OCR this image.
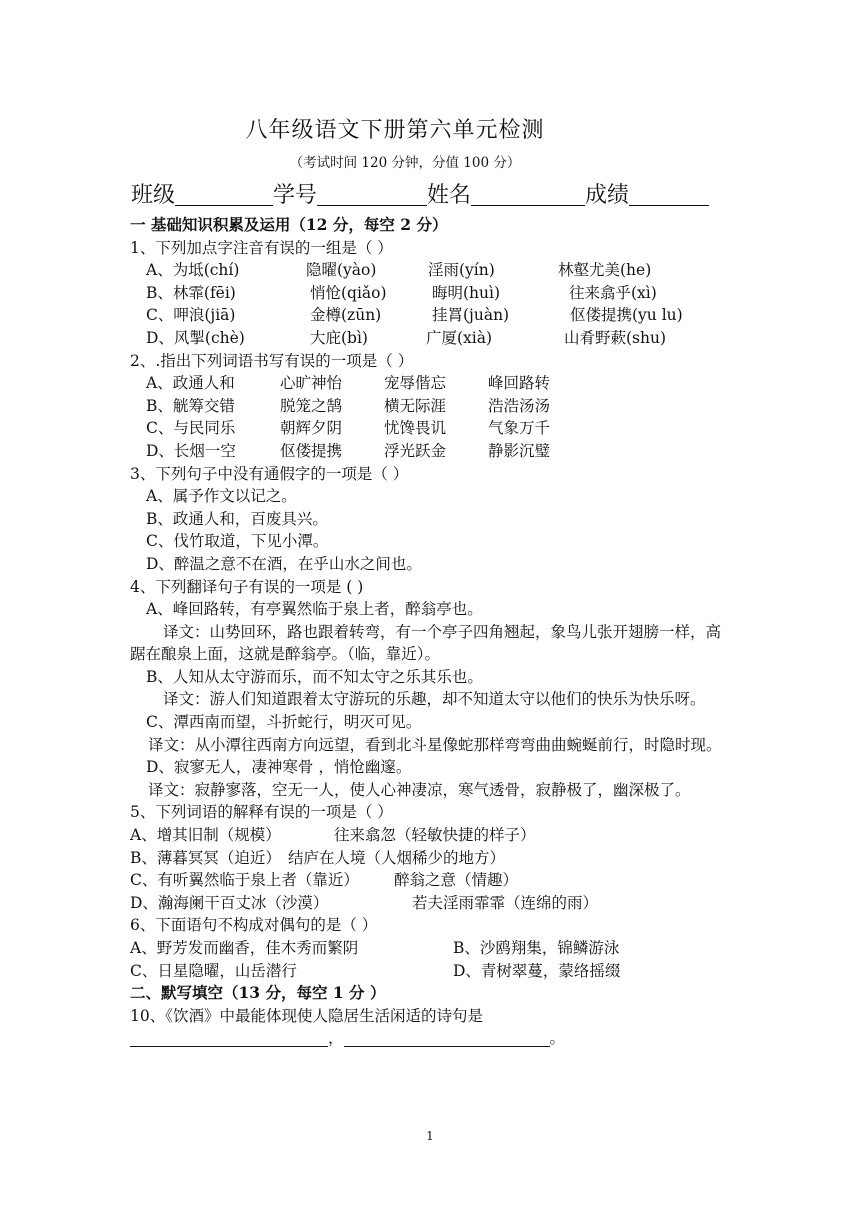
八年级语文下册第六单元检测
（考试时间 120 分钟，分值 100 分）
班级	学号	姓名	成绩
一 基础知识积累及运用（12 分，每空 2 分）
1、下列加点字注音有误的一组是（ ）
A、为坻(chí)	隐曜(yào)	淫雨(yín)	林壑尤美(he)
B、林霏(fēi)	悄怆(qiǎo)	晦明(huì)	往来翕乎(xì)
C、呷浪(jiā)	金樽(zūn)	挂罥(juàn)	伛偻提携(yu lu)
D、风掣(chè)	大庇(bì)	广厦(xià)	山肴野蔌(shu)
2、.指出下列词语书写有误的一项是（ ）
A、政通人和	心旷神怡	宠辱偕忘	峰回路转
B、觥筹交错	脱笼之鹄	横无际涯	浩浩汤汤
C、与民同乐	朝辉夕阴	忧馋畏讥	气象万千
D、长烟一空	伛偻提携	浮光跃金	静影沉璧
3、下列句子中没有通假字的一项是（ ）
A、属予作文以记之。
B、政通人和，百废具兴。
C、伐竹取道，下见小潭。
D、醉温之意不在酒，在乎山水之间也。
4、下列翻译句子有误的一项是 ( )
A、峰回路转，有亭翼然临于泉上者，醉翁亭也。
译文：山势回环，路也跟着转弯，有一个亭子四角翘起，象鸟儿张开翅膀一样，高踞在酿泉上面，这就是醉翁亭。（临，靠近）。
B、人知从太守游而乐，而不知太守之乐其乐也。
译文：游人们知道跟着太守游玩的乐趣，却不知道太守以他们的快乐为快乐呀。
C、潭西南而望，斗折蛇行，明灭可见。
译文：从小潭往西南方向远望，看到北斗星像蛇那样弯弯曲曲蜿蜒前行，时隐时现。
D、寂寥无人，凄神寒骨 ，悄怆幽邃。
译文：寂静寥落，空无一人，使人心神凄凉，寒气透骨，寂静极了，幽深极了。
5、下列词语的解释有误的一项是（ ）
A、增其旧制（规模）	往来翕忽（轻敏快捷的样子）
B、薄暮冥冥（迫近） 结庐在人境（人烟稀少的地方）
C、有听翼然临于泉上者（靠近）	醉翁之意（情趣）
D、瀚海阑干百丈冰（沙漠）	若夫淫雨霏霏（连绵的雨）
6、下面语句不构成对偶句的是（ ）
A、野芳发而幽香，佳木秀而繁阴	B、沙鸥翔集，锦鳞游泳
C、日星隐曜，山岳潜行	D、青树翠蔓，蒙络摇缀
二、默写填空（13 分，每空 1 分 ）
10、《饮酒》中最能体现使人隐居生活闲适的诗句是
，	。
1
